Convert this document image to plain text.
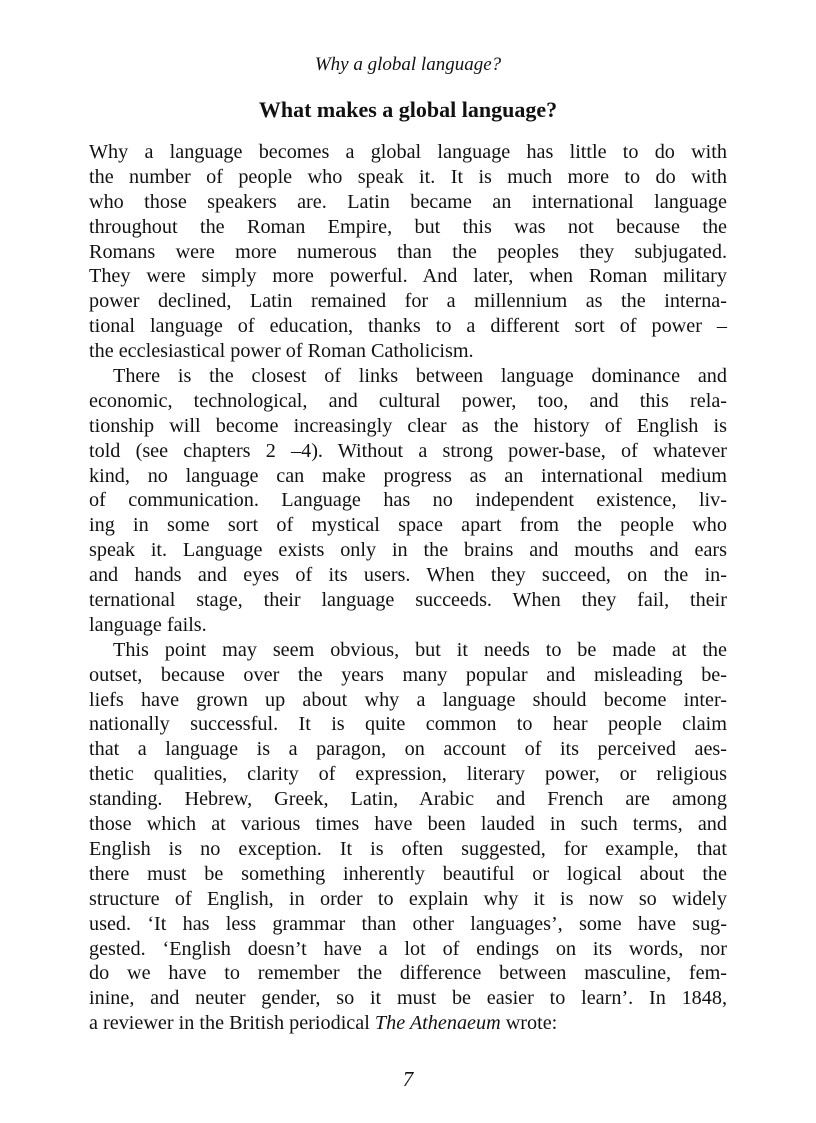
Why a global language?
What makes a global language?
Why a language becomes a global language has little to do with
the number of people who speak it. It is much more to do with
who those speakers are. Latin became an international language
throughout the Roman Empire, but this was not because the
Romans were more numerous than the peoples they subjugated.
They were simply more powerful. And later, when Roman military
power declined, Latin remained for a millennium as the interna-
tional language of education, thanks to a different sort of power –
the ecclesiastical power of Roman Catholicism.
There is the closest of links between language dominance and
economic, technological, and cultural power, too, and this rela-
tionship will become increasingly clear as the history of English is
told (see chapters 2 –4). Without a strong power-base, of whatever
kind, no language can make progress as an international medium
of communication. Language has no independent existence, liv-
ing in some sort of mystical space apart from the people who
speak it. Language exists only in the brains and mouths and ears
and hands and eyes of its users. When they succeed, on the in-
ternational stage, their language succeeds. When they fail, their
language fails.
This point may seem obvious, but it needs to be made at the
outset, because over the years many popular and misleading be-
liefs have grown up about why a language should become inter-
nationally successful. It is quite common to hear people claim
that a language is a paragon, on account of its perceived aes-
thetic qualities, clarity of expression, literary power, or religious
standing. Hebrew, Greek, Latin, Arabic and French are among
those which at various times have been lauded in such terms, and
English is no exception. It is often suggested, for example, that
there must be something inherently beautiful or logical about the
structure of English, in order to explain why it is now so widely
used. ‘It has less grammar than other languages’, some have sug-
gested. ‘English doesn’t have a lot of endings on its words, nor
do we have to remember the difference between masculine, fem-
inine, and neuter gender, so it must be easier to learn’. In 1848,
a reviewer in the British periodical The Athenaeum wrote:
7
